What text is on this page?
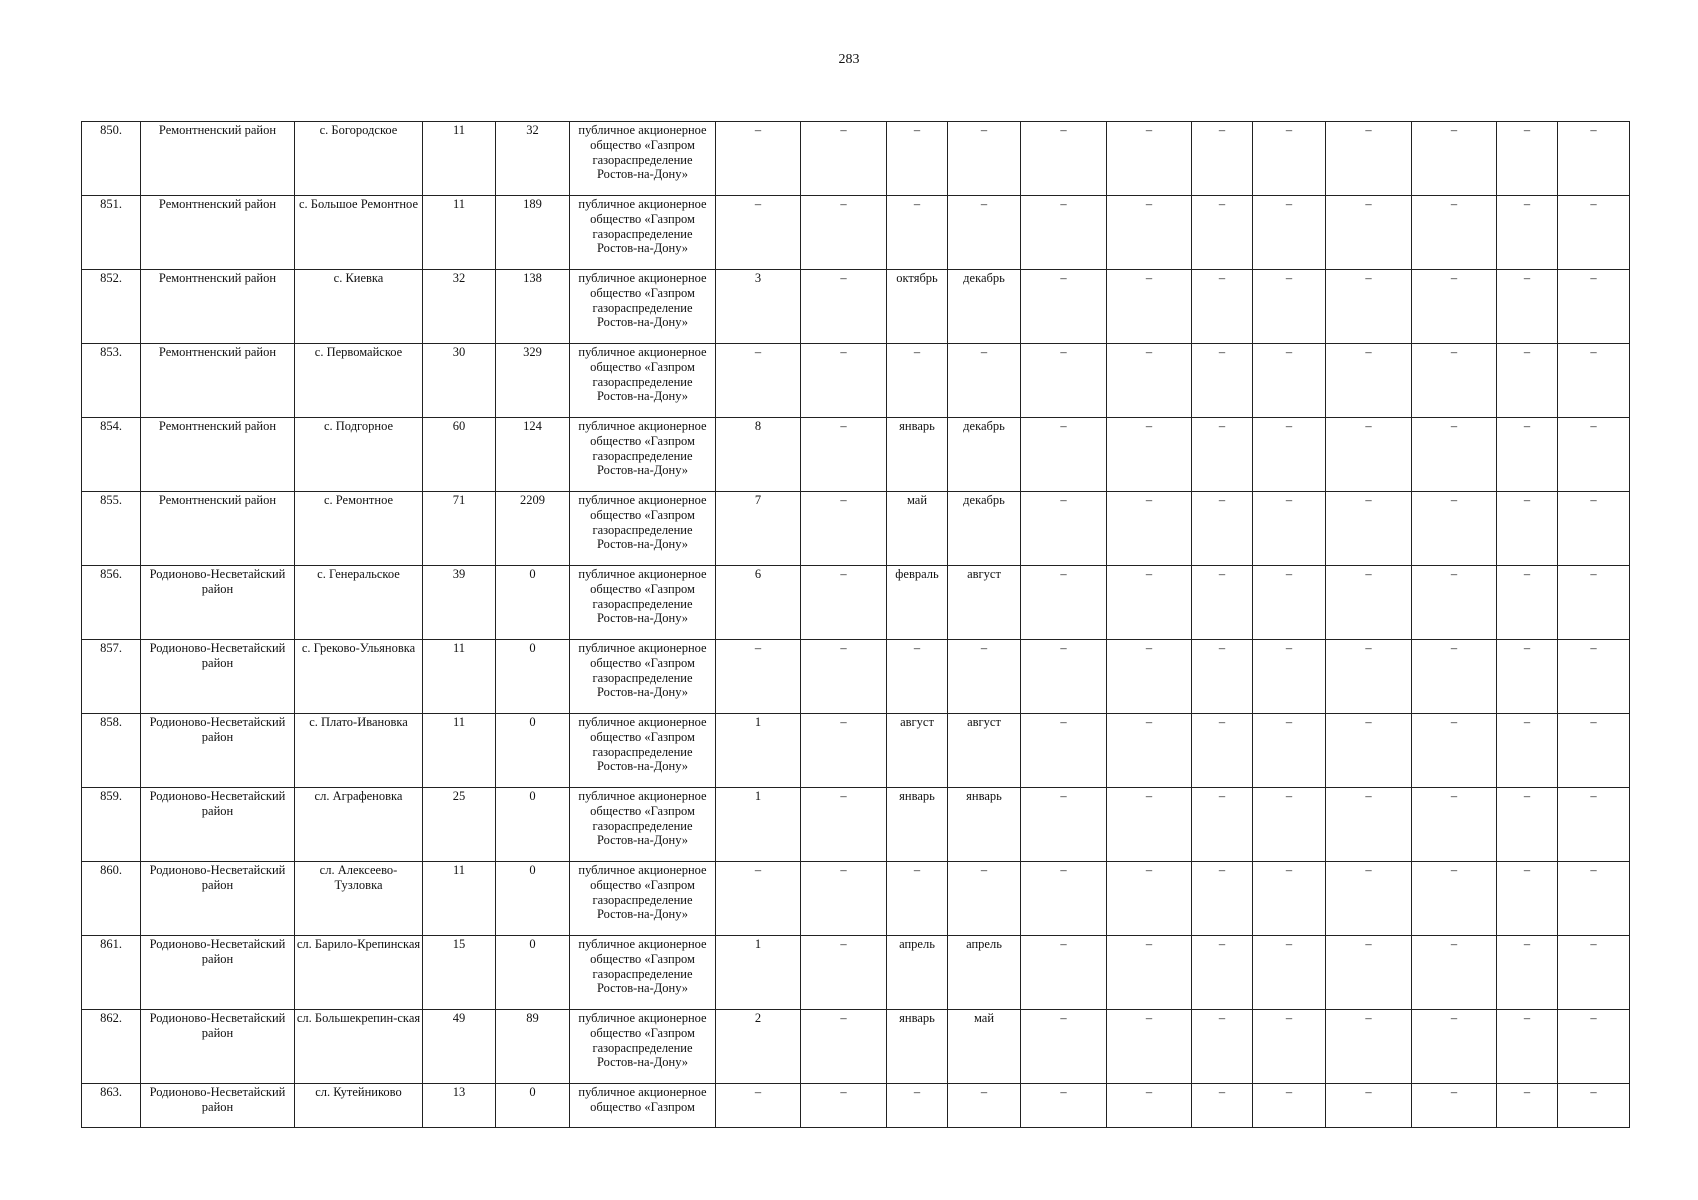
283
850.	Ремонтненский район	с. Богородское	11	32	публичное акционерное общество «Газпром газораспределение Ростов-на-Дону»	–	–	–	–	–	–	–	–	–	–	–	–
851.	Ремонтненский район	с. Большое Ремонтное	11	189	публичное акционерное общество «Газпром газораспределение Ростов-на-Дону»	–	–	–	–	–	–	–	–	–	–	–	–
852.	Ремонтненский район	с. Киевка	32	138	публичное акционерное общество «Газпром газораспределение Ростов-на-Дону»	3	–	октябрь	декабрь	–	–	–	–	–	–	–	–
853.	Ремонтненский район	с. Первомайское	30	329	публичное акционерное общество «Газпром газораспределение Ростов-на-Дону»	–	–	–	–	–	–	–	–	–	–	–	–
854.	Ремонтненский район	с. Подгорное	60	124	публичное акционерное общество «Газпром газораспределение Ростов-на-Дону»	8	–	январь	декабрь	–	–	–	–	–	–	–	–
855.	Ремонтненский район	с. Ремонтное	71	2209	публичное акционерное общество «Газпром газораспределение Ростов-на-Дону»	7	–	май	декабрь	–	–	–	–	–	–	–	–
856.	Родионово-Несветайский район	с. Генеральское	39	0	публичное акционерное общество «Газпром газораспределение Ростов-на-Дону»	6	–	февраль	август	–	–	–	–	–	–	–	–
857.	Родионово-Несветайский район	с. Греково-Ульяновка	11	0	публичное акционерное общество «Газпром газораспределение Ростов-на-Дону»	–	–	–	–	–	–	–	–	–	–	–	–
858.	Родионово-Несветайский район	с. Плато-Ивановка	11	0	публичное акционерное общество «Газпром газораспределение Ростов-на-Дону»	1	–	август	август	–	–	–	–	–	–	–	–
859.	Родионово-Несветайский район	сл. Аграфеновка	25	0	публичное акционерное общество «Газпром газораспределение Ростов-на-Дону»	1	–	январь	январь	–	–	–	–	–	–	–	–
860.	Родионово-Несветайский район	сл. Алексеево-Тузловка	11	0	публичное акционерное общество «Газпром газораспределение Ростов-на-Дону»	–	–	–	–	–	–	–	–	–	–	–	–
861.	Родионово-Несветайский район	сл. Барило-Крепинская	15	0	публичное акционерное общество «Газпром газораспределение Ростов-на-Дону»	1	–	апрель	апрель	–	–	–	–	–	–	–	–
862.	Родионово-Несветайский район	сл. Большекрепин-ская	49	89	публичное акционерное общество «Газпром газораспределение Ростов-на-Дону»	2	–	январь	май	–	–	–	–	–	–	–	–
863.	Родионово-Несветайский район	сл. Кутейниково	13	0	публичное акционерное общество «Газпром	–	–	–	–	–	–	–	–	–	–	–	–
